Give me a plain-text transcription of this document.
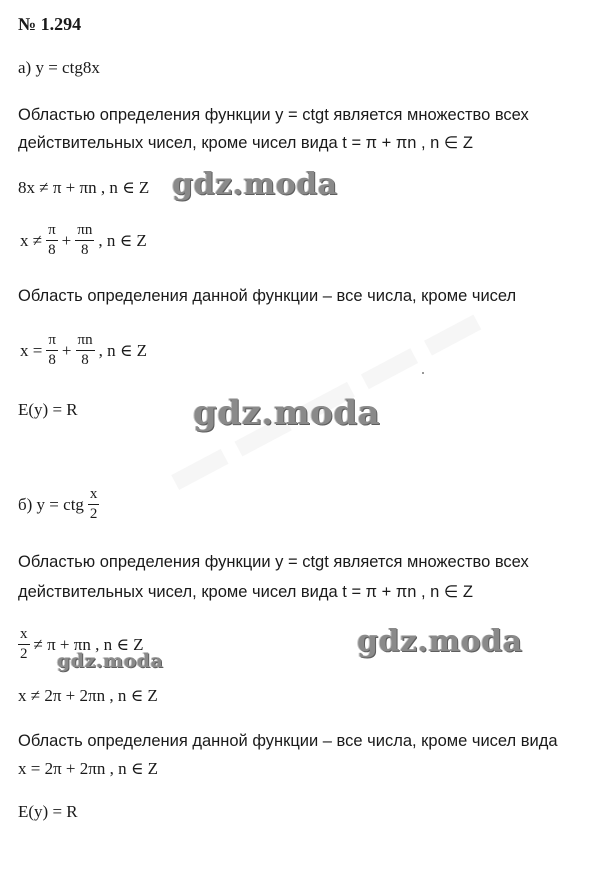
№ 1.294
а) y = ctg8x
Областью определения функции y = ctgt является множество всех
действительных чисел, кроме чисел вида t = π + πn , n ∈ Z
8x ≠ π + πn , n ∈ Z
$x \ne \frac{\pi}{8} + \frac{\pi n}{8}$ , n ∈ Z
Область определения данной функции – все числа, кроме чисел
$x = \frac{\pi}{8} + \frac{\pi n}{8}$ , n ∈ Z
E(y) = R
б) y = ctg $\frac{x}{2}$
Областью определения функции y = ctgt является множество всех
действительных чисел, кроме чисел вида t = π + πn , n ∈ Z
$\frac{x}{2} \ne \pi + \pi n$ , n ∈ Z
x ≠ 2π + 2πn , n ∈ Z
Область определения данной функции – все числа, кроме чисел вида
x = 2π + 2πn , n ∈ Z
E(y) = R
gdz.moda
gdz.moda
gdz.moda
gdz.moda
